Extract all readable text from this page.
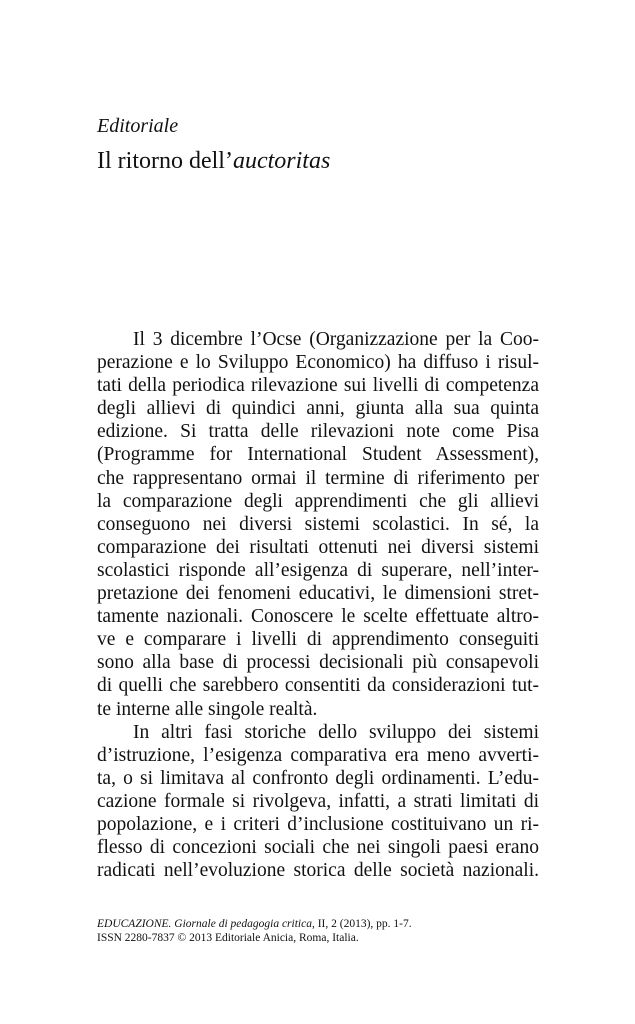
Editoriale

Il ritorno dell’auctoritas
Il 3 dicembre l’Ocse (Organizzazione per la Coo-
perazione e lo Sviluppo Economico) ha diffuso i risul-
tati della periodica rilevazione sui livelli di competenza
degli allievi di quindici anni, giunta alla sua quinta
edizione. Si tratta delle rilevazioni note come Pisa
(Programme for International Student Assessment),
che rappresentano ormai il termine di riferimento per
la comparazione degli apprendimenti che gli allievi
conseguono nei diversi sistemi scolastici. In sé, la
comparazione dei risultati ottenuti nei diversi sistemi
scolastici risponde all’esigenza di superare, nell’inter-
pretazione dei fenomeni educativi, le dimensioni stret-
tamente nazionali. Conoscere le scelte effettuate altro-
ve e comparare i livelli di apprendimento conseguiti
sono alla base di processi decisionali più consapevoli
di quelli che sarebbero consentiti da considerazioni tut-
te interne alle singole realtà.
In altri fasi storiche dello sviluppo dei sistemi
d’istruzione, l’esigenza comparativa era meno avverti-
ta, o si limitava al confronto degli ordinamenti. L’edu-
cazione formale si rivolgeva, infatti, a strati limitati di
popolazione, e i criteri d’inclusione costituivano un ri-
flesso di concezioni sociali che nei singoli paesi erano
radicati nell’evoluzione storica delle società nazionali.
EDUCAZIONE. Giornale di pedagogia critica, II, 2 (2013), pp. 1-7.
ISSN 2280-7837 © 2013 Editoriale Anicia, Roma, Italia.
